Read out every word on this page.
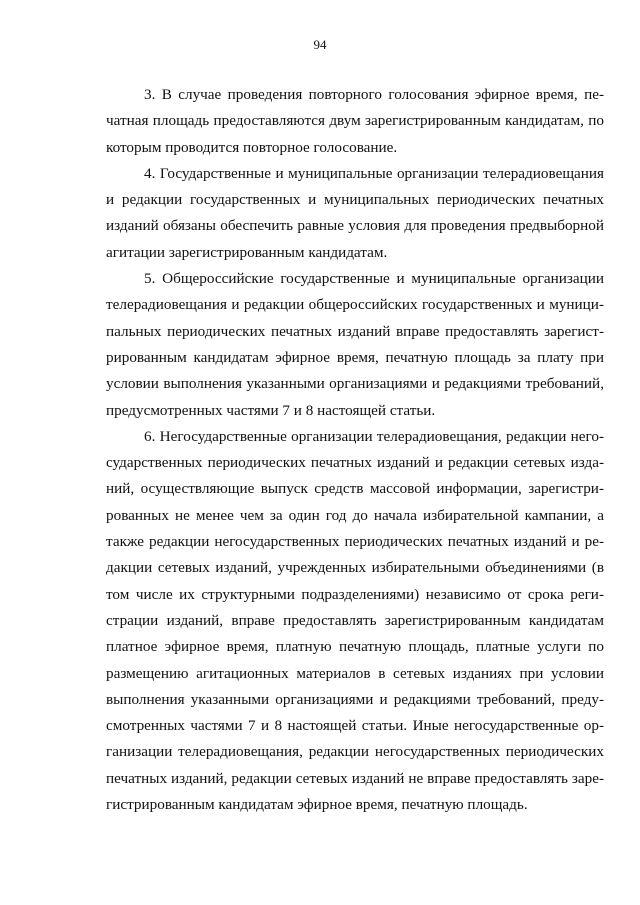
94

3. В случае проведения повторного голосования эфирное время, печатная площадь предоставляются двум зарегистрированным кандидатам, по которым проводится повторное голосование.

4. Государственные и муниципальные организации телерадиовещания и редакции государственных и муниципальных периодических печатных изданий обязаны обеспечить равные условия для проведения предвыборной агитации зарегистрированным кандидатам.

5. Общероссийские государственные и муниципальные организации телерадиовещания и редакции общероссийских государственных и муниципальных периодических печатных изданий вправе предоставлять зарегистрированным кандидатам эфирное время, печатную площадь за плату при условии выполнения указанными организациями и редакциями требований, предусмотренных частями 7 и 8 настоящей статьи.

6. Негосударственные организации телерадиовещания, редакции негосударственных периодических печатных изданий и редакции сетевых изданий, осуществляющие выпуск средств массовой информации, зарегистрированных не менее чем за один год до начала избирательной кампании, а также редакции негосударственных периодических печатных изданий и редакции сетевых изданий, учрежденных избирательными объединениями (в том числе их структурными подразделениями) независимо от срока регистрации изданий, вправе предоставлять зарегистрированным кандидатам платное эфирное время, платную печатную площадь, платные услуги по размещению агитационных материалов в сетевых изданиях при условии выполнения указанными организациями и редакциями требований, предусмотренных частями 7 и 8 настоящей статьи. Иные негосударственные организации телерадиовещания, редакции негосударственных периодических печатных изданий, редакции сетевых изданий не вправе предоставлять зарегистрированным кандидатам эфирное время, печатную площадь.
